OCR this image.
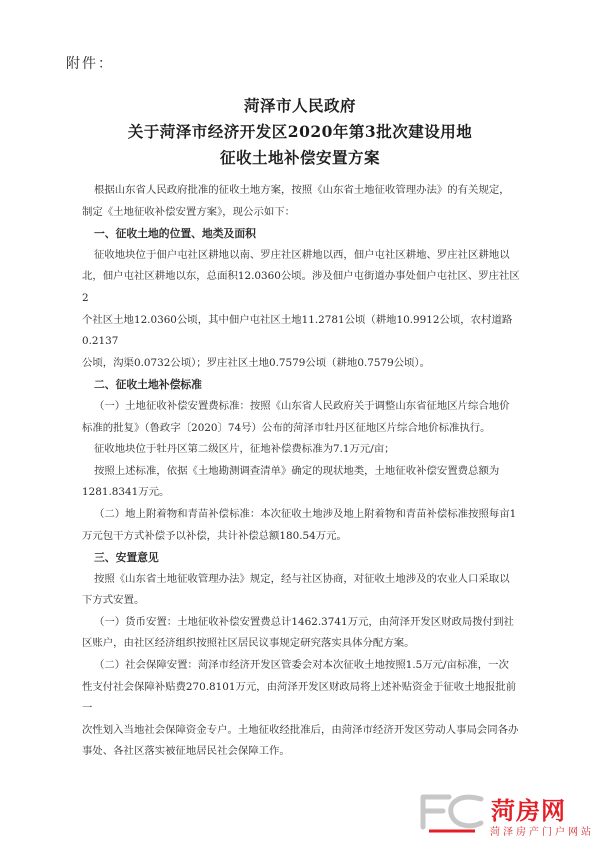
附件：
菏泽市人民政府
关于菏泽市经济开发区2020年第3批次建设用地
征收土地补偿安置方案

根据山东省人民政府批准的征收土地方案，按照《山东省土地征收管理办法》的有关规定，

制定《土地征收补偿安置方案》，现公示如下：

一、征收土地的位置、地类及面积

征收地块位于佃户屯社区耕地以南、罗庄社区耕地以西，佃户屯社区耕地、罗庄社区耕地以

北，佃户屯社区耕地以东，总面积12.0360公顷。涉及佃户屯街道办事处佃户屯社区、罗庄社区2

个社区土地12.0360公顷，其中佃户屯社区土地11.2781公顷（耕地10.9912公顷，农村道路0.2137

公顷，沟渠0.0732公顷）；罗庄社区土地0.7579公顷（耕地0.7579公顷）。

二、征收土地补偿标准

（一）土地征收补偿安置费标准：按照《山东省人民政府关于调整山东省征地区片综合地价

标准的批复》（鲁政字〔2020〕74号）公布的菏泽市牡丹区征地区片综合地价标准执行。

征收地块位于牡丹区第二级区片，征地补偿费标准为7.1万元/亩；

按照上述标准，依据《土地勘测调查清单》确定的现状地类，土地征收补偿安置费总额为

1281.8341万元。

（二）地上附着物和青苗补偿标准：本次征收土地涉及地上附着物和青苗补偿标准按照每亩1

万元包干方式补偿予以补偿，共计补偿总额180.54万元。

三、安置意见

按照《山东省土地征收管理办法》规定，经与社区协商，对征收土地涉及的农业人口采取以

下方式安置。

（一）货币安置：土地征收补偿安置费总计1462.3741万元，由菏泽开发区财政局拨付到社

区账户，由社区经济组织按照社区居民议事规定研究落实具体分配方案。

（二）社会保障安置：菏泽市经济开发区管委会对本次征收土地按照1.5万元/亩标准，一次

性支付社会保障补贴费270.8101万元，由菏泽开发区财政局将上述补贴资金于征收土地报批前一

次性划入当地社会保障资金专户。土地征收经批准后，由菏泽市经济开发区劳动人事局会同各办

事处、各社区落实被征地居民社会保障工作。

菏房网
菏泽房产门户网站
